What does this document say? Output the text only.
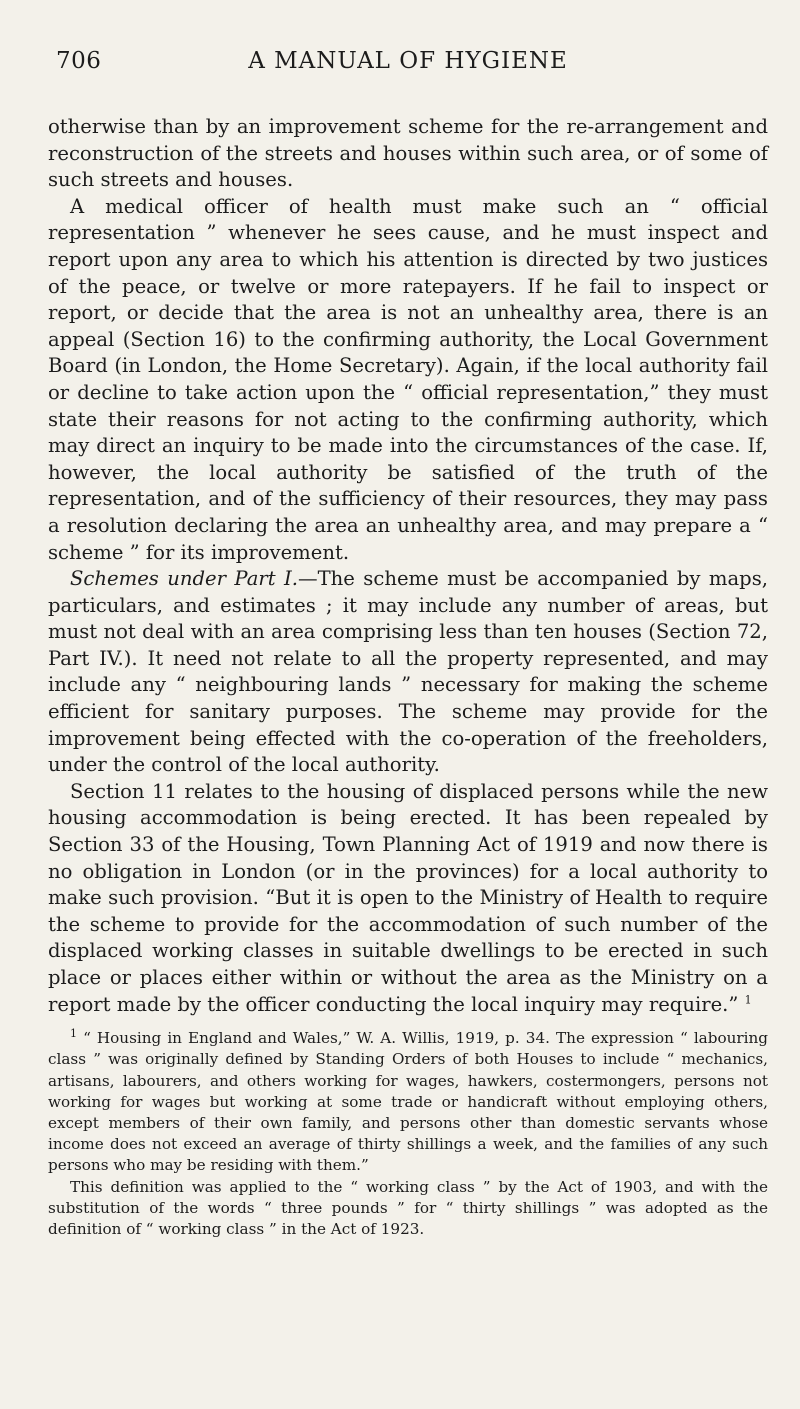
706	A MANUAL OF HYGIENE

otherwise than by an improvement scheme for the re-arrangement and reconstruction of the streets and houses within such area, or of some of such streets and houses.

A medical officer of health must make such an “ official representation ” whenever he sees cause, and he must inspect and report upon any area to which his attention is directed by two justices of the peace, or twelve or more ratepayers. If he fail to inspect or report, or decide that the area is not an unhealthy area, there is an appeal (Section 16) to the confirming authority, the Local Government Board (in London, the Home Secretary). Again, if the local authority fail or decline to take action upon the “ official representation,” they must state their reasons for not acting to the confirming authority, which may direct an inquiry to be made into the circumstances of the case. If, however, the local authority be satisfied of the truth of the representation, and of the sufficiency of their resources, they may pass a resolution declaring the area an unhealthy area, and may prepare a “ scheme ” for its improvement.

Schemes under Part I.—The scheme must be accompanied by maps, particulars, and estimates ; it may include any number of areas, but must not deal with an area comprising less than ten houses (Section 72, Part IV.). It need not relate to all the property represented, and may include any “ neighbouring lands ” necessary for making the scheme efficient for sanitary purposes. The scheme may provide for the improvement being effected with the co-operation of the freeholders, under the control of the local authority.

Section 11 relates to the housing of displaced persons while the new housing accommodation is being erected. It has been repealed by Section 33 of the Housing, Town Planning Act of 1919 and now there is no obligation in London (or in the provinces) for a local authority to make such provision. “But it is open to the Ministry of Health to require the scheme to provide for the accommodation of such number of the displaced working classes in suitable dwellings to be erected in such place or places either within or without the area as the Ministry on a report made by the officer conducting the local inquiry may require.” $^1$

$^1$ “ Housing in England and Wales,” W. A. Willis, 1919, p. 34. The expression “ labouring class ” was originally defined by Standing Orders of both Houses to include “ mechanics, artisans, labourers, and others working for wages, hawkers, costermongers, persons not working for wages but working at some trade or handicraft without employing others, except members of their own family, and persons other than domestic servants whose income does not exceed an average of thirty shillings a week, and the families of any such persons who may be residing with them.”

This definition was applied to the “ working class ” by the Act of 1903, and with the substitution of the words “ three pounds ” for “ thirty shillings ” was adopted as the definition of “ working class ” in the Act of 1923.
